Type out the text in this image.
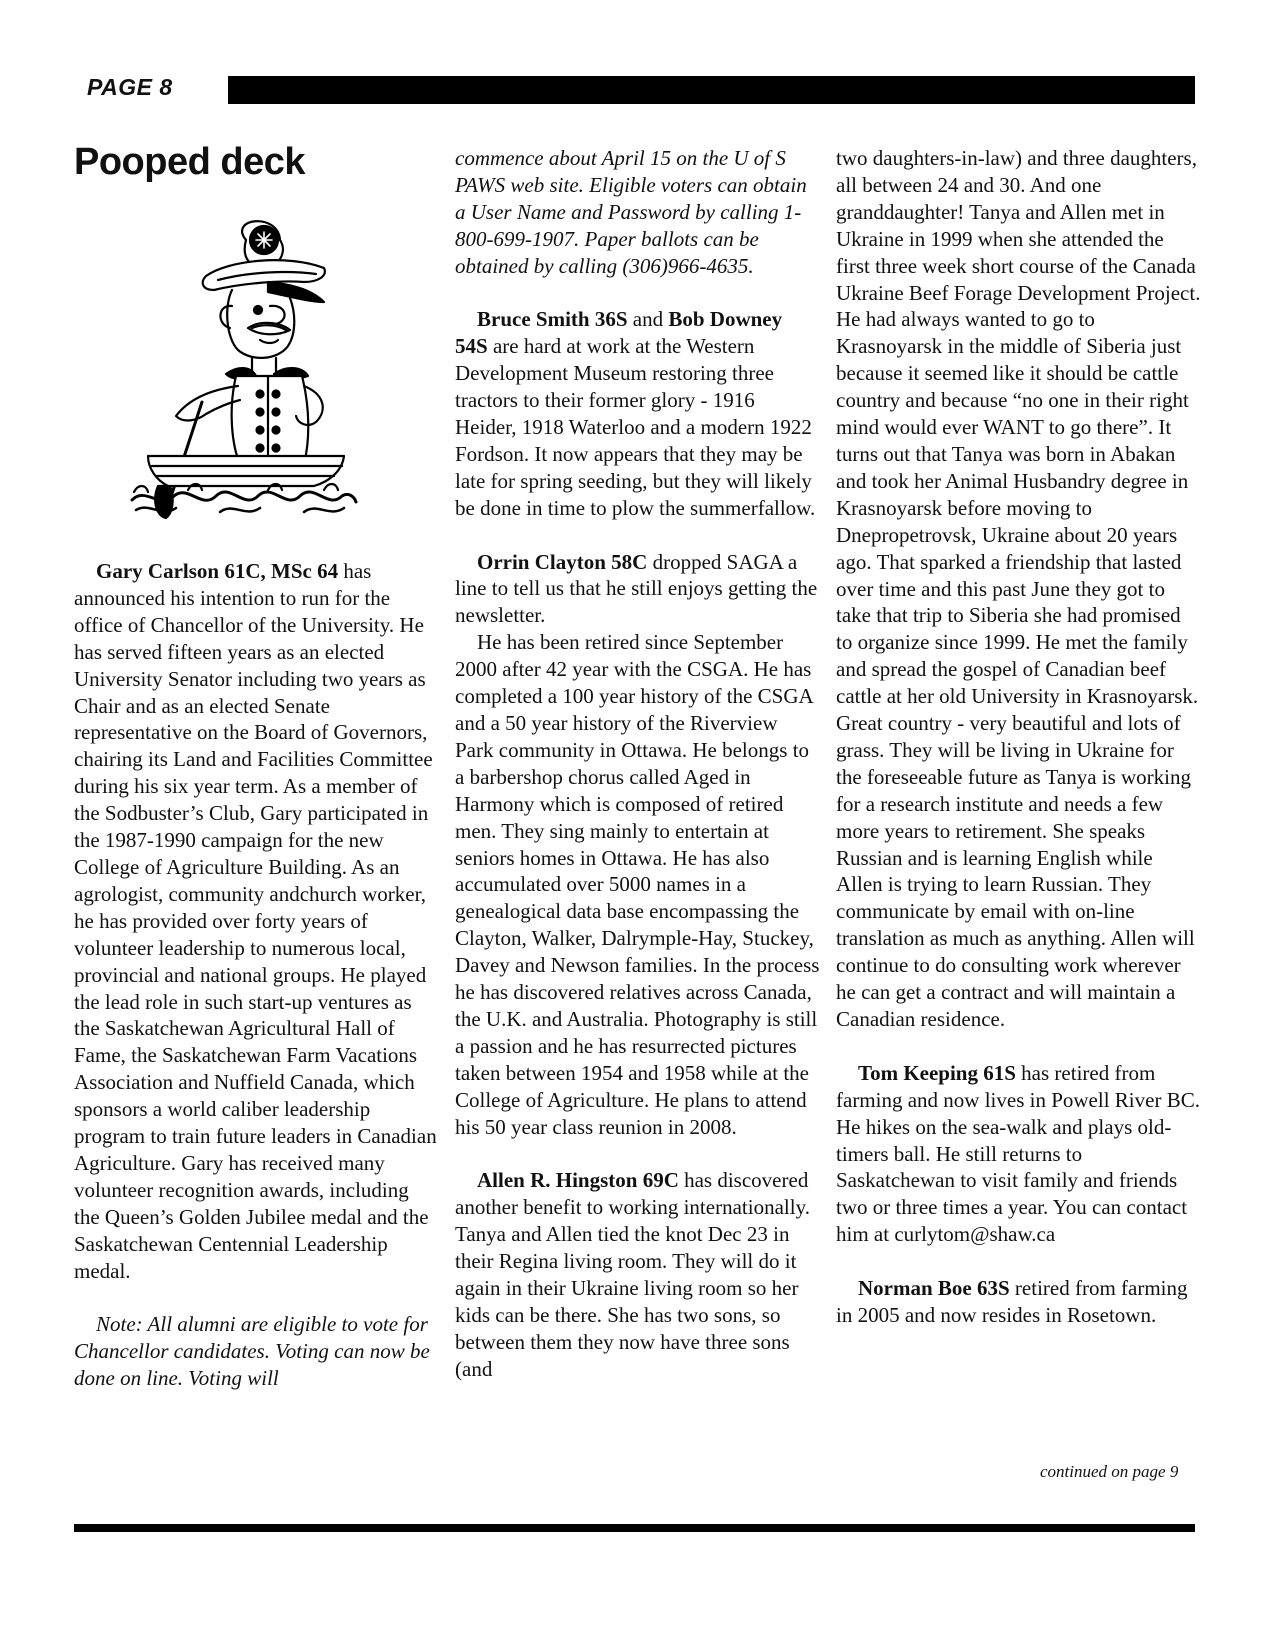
PAGE 8
Pooped deck

Gary Carlson 61C, MSc 64 has announced his intention to run for the office of Chancellor of the University. He has served fifteen years as an elected University Senator including two years as Chair and as an elected Senate representative on the Board of Governors, chairing its Land and Facilities Committee during his six year term. As a member of the Sodbuster’s Club, Gary participated in the 1987-1990 campaign for the new College of Agriculture Building. As an agrologist, community andchurch worker, he has provided over forty years of volunteer leadership to numerous local, provincial and national groups. He played the lead role in such start-up ventures as the Saskatchewan Agricultural Hall of Fame, the Saskatchewan Farm Vacations Association and Nuffield Canada, which sponsors a world caliber leadership program to train future leaders in Canadian Agriculture. Gary has received many volunteer recognition awards, including the Queen’s Golden Jubilee medal and the Saskatchewan Centennial Leadership medal.

Note: All alumni are eligible to vote for Chancellor candidates. Voting can now be done on line. Voting will

commence about April 15 on the U of S PAWS web site. Eligible voters can obtain a User Name and Password by calling 1-800-699-1907. Paper ballots can be obtained by calling (306)966-4635.

Bruce Smith 36S and Bob Downey 54S are hard at work at the Western Development Museum restoring three tractors to their former glory - 1916 Heider, 1918 Waterloo and a modern 1922 Fordson. It now appears that they may be late for spring seeding, but they will likely be done in time to plow the summerfallow.

Orrin Clayton 58C dropped SAGA a line to tell us that he still enjoys getting the newsletter.

He has been retired since September 2000 after 42 year with the CSGA. He has completed a 100 year history of the CSGA and a 50 year history of the Riverview Park community in Ottawa. He belongs to a barbershop chorus called Aged in Harmony which is composed of retired men. They sing mainly to entertain at seniors homes in Ottawa. He has also accumulated over 5000 names in a genealogical data base encompassing the Clayton, Walker, Dalrymple-Hay, Stuckey, Davey and Newson families. In the process he has discovered relatives across Canada, the U.K. and Australia. Photography is still a passion and he has resurrected pictures taken between 1954 and 1958 while at the College of Agriculture. He plans to attend his 50 year class reunion in 2008.

Allen R. Hingston 69C has discovered another benefit to working internationally. Tanya and Allen tied the knot Dec 23 in their Regina living room. They will do it again in their Ukraine living room so her kids can be there. She has two sons, so between them they now have three sons (and

two daughters-in-law) and three daughters, all between 24 and 30. And one granddaughter! Tanya and Allen met in Ukraine in 1999 when she attended the first three week short course of the Canada Ukraine Beef Forage Development Project. He had always wanted to go to Krasnoyarsk in the middle of Siberia just because it seemed like it should be cattle country and because “no one in their right mind would ever WANT to go there”. It turns out that Tanya was born in Abakan and took her Animal Husbandry degree in Krasnoyarsk before moving to Dnepropetrovsk, Ukraine about 20 years ago. That sparked a friendship that lasted over time and this past June they got to take that trip to Siberia she had promised to organize since 1999. He met the family and spread the gospel of Canadian beef cattle at her old University in Krasnoyarsk. Great country - very beautiful and lots of grass. They will be living in Ukraine for the foreseeable future as Tanya is working for a research institute and needs a few more years to retirement. She speaks Russian and is learning English while Allen is trying to learn Russian. They communicate by email with on-line translation as much as anything. Allen will continue to do consulting work wherever he can get a contract and will maintain a Canadian residence.

Tom Keeping 61S has retired from farming and now lives in Powell River BC. He hikes on the sea-walk and plays old-timers ball. He still returns to Saskatchewan to visit family and friends two or three times a year. You can contact him at curlytom@shaw.ca

Norman Boe 63S retired from farming in 2005 and now resides in Rosetown.

continued on page 9
